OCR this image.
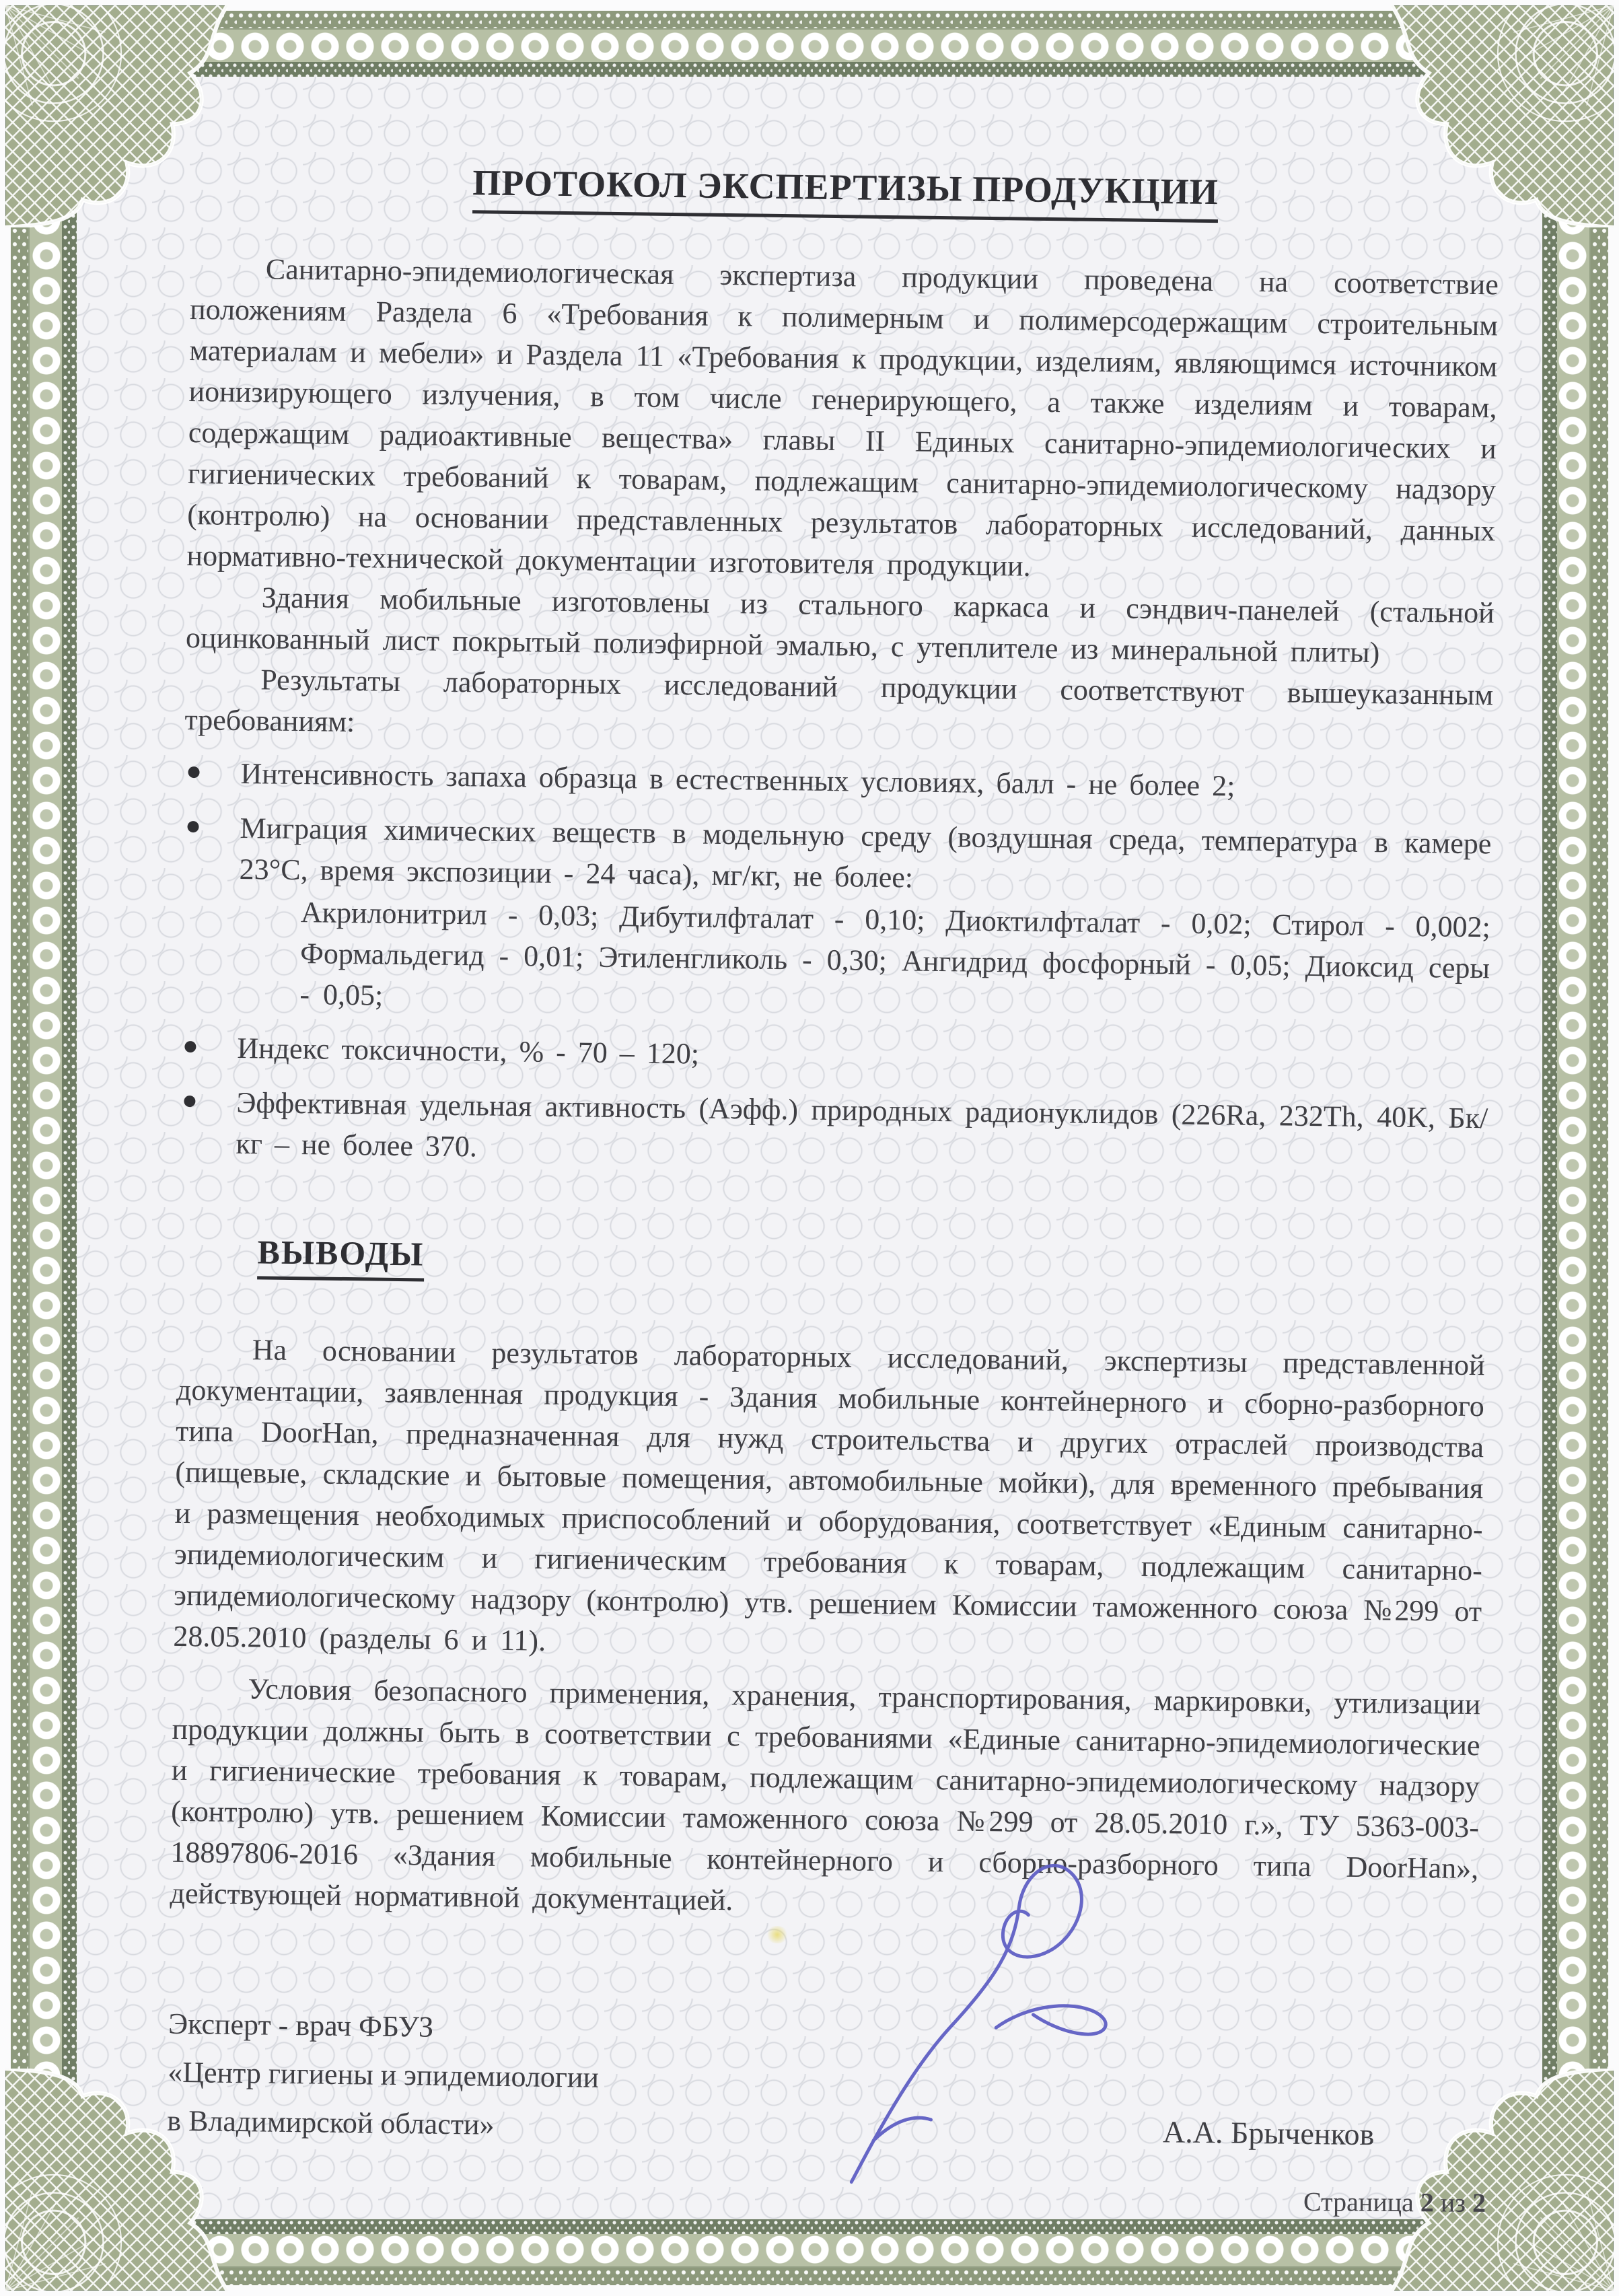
ПРОТОКОЛ ЭКСПЕРТИЗЫ ПРОДУКЦИИ

Санитарно-эпидемиологическая экспертиза продукции проведена на соответствие положениям Раздела 6 «Требования к полимерным и полимерсодержащим строительным материалам и мебели» и Раздела 11 «Требования к продукции, изделиям, являющимся источником ионизирующего излучения, в том числе генерирующего, а также изделиям и товарам, содержащим радиоактивные вещества» главы II Единых санитарно-эпидемиологических и гигиенических требований к товарам, подлежащим санитарно-эпидемиологическому надзору (контролю) на основании представленных результатов лабораторных исследований, данных нормативно-технической документации изготовителя продукции.

Здания мобильные изготовлены из стального каркаса и сэндвич-панелей (стальной оцинкованный лист покрытый полиэфирной эмалью, с утеплителе из минеральной плиты)

Результаты лабораторных исследований продукции соответствуют вышеуказанным требованиям:

Интенсивность запаха образца в естественных условиях, балл - не более 2;
Миграция химических веществ в модельную среду (воздушная среда, температура в камере 23°С, время экспозиции - 24 часа), мг/кг, не более:
Акрилонитрил - 0,03; Дибутилфталат - 0,10; Диоктилфталат - 0,02; Стирол - 0,002; Формальдегид - 0,01; Этиленгликоль - 0,30; Ангидрид фосфорный - 0,05; Диоксид серы - 0,05;
Индекс токсичности, % - 70 – 120;
Эффективная удельная активность (Аэфф.) природных радионуклидов (226Ra, 232Th, 40K, Бк/кг – не более 370.
ВЫВОДЫ

На основании результатов лабораторных исследований, экспертизы представленной документации, заявленная продукция - Здания мобильные контейнерного и сборно-разборного типа DoorHan, предназначенная для нужд строительства и других отраслей производства (пищевые, складские и бытовые помещения, автомобильные мойки), для временного пребывания и размещения необходимых приспособлений и оборудования, соответствует «Единым санитарно-эпидемиологическим и гигиеническим требования к товарам, подлежащим санитарно-эпидемиологическому надзору (контролю) утв. решением Комиссии таможенного союза №299 от 28.05.2010 (разделы 6 и 11).

Условия безопасного применения, хранения, транспортирования, маркировки, утилизации продукции должны быть в соответствии с требованиями «Единые санитарно-эпидемиологические и гигиенические требования к товарам, подлежащим санитарно-эпидемиологическому надзору (контролю) утв. решением Комиссии таможенного союза №299 от 28.05.2010 г.», ТУ 5363-003-18897806-2016 «Здания мобильные контейнерного и сборно-разборного типа DoorHan», действующей нормативной документацией.

Эксперт - врач ФБУЗ
«Центр гигиены и эпидемиологии
в Владимирской области»	А.А. Брыченков
Страница 2 из 2
